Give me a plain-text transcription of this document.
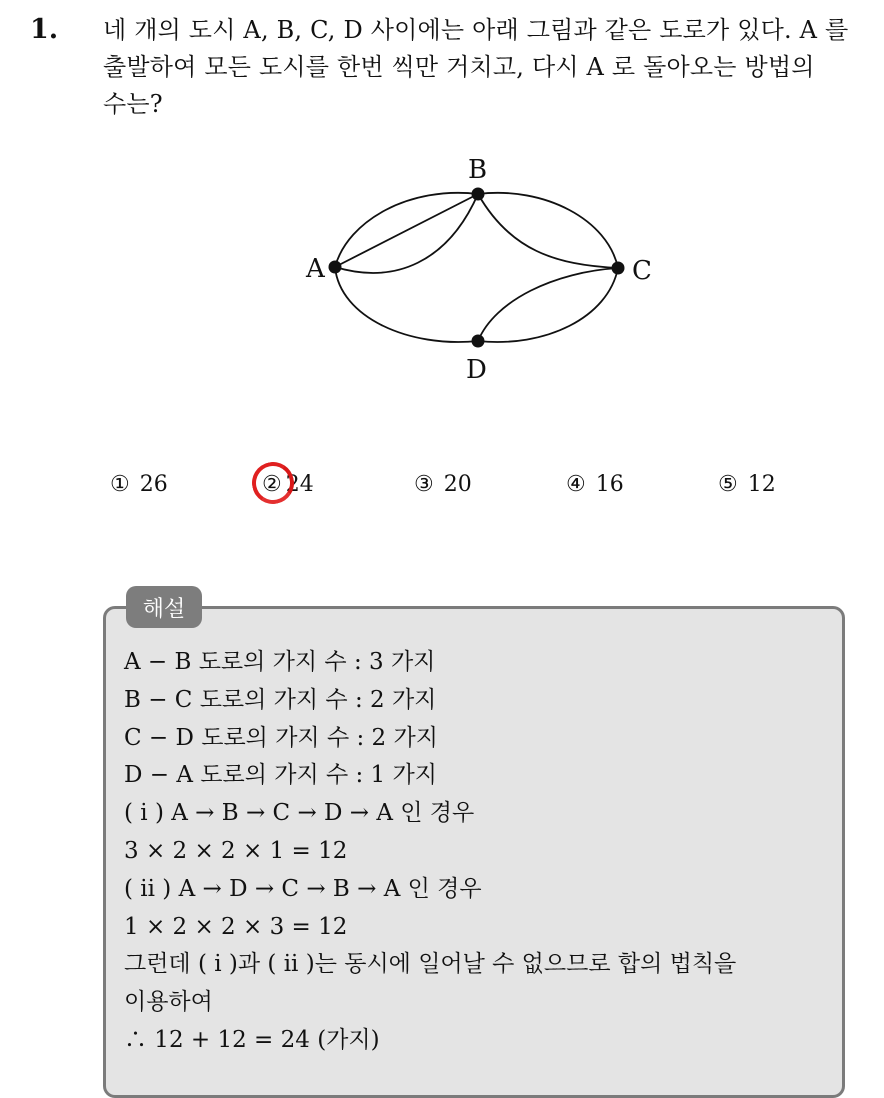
1. 네 개의 도시 A, B, C, D 사이에는 아래 그림과 같은 도로가 있다. A 를
출발하여 모든 도시를 한번 씩만 거치고, 다시 A 로 돌아오는 방법의
수는?
B
A	C
D
① 26	② 24	③ 20	④ 16	⑤ 12
해설
A − B 도로의 가지 수 : 3 가지
B − C 도로의 가지 수 : 2 가지
C − D 도로의 가지 수 : 2 가지
D − A 도로의 가지 수 : 1 가지
( i ) A → B → C → D → A 인 경우
3 × 2 × 2 × 1 = 12
( ii ) A → D → C → B → A 인 경우
1 × 2 × 2 × 3 = 12
그런데 ( i )과 ( ii )는 동시에 일어날 수 없으므로 합의 법칙을
이용하여
∴ 12 + 12 = 24 (가지)
